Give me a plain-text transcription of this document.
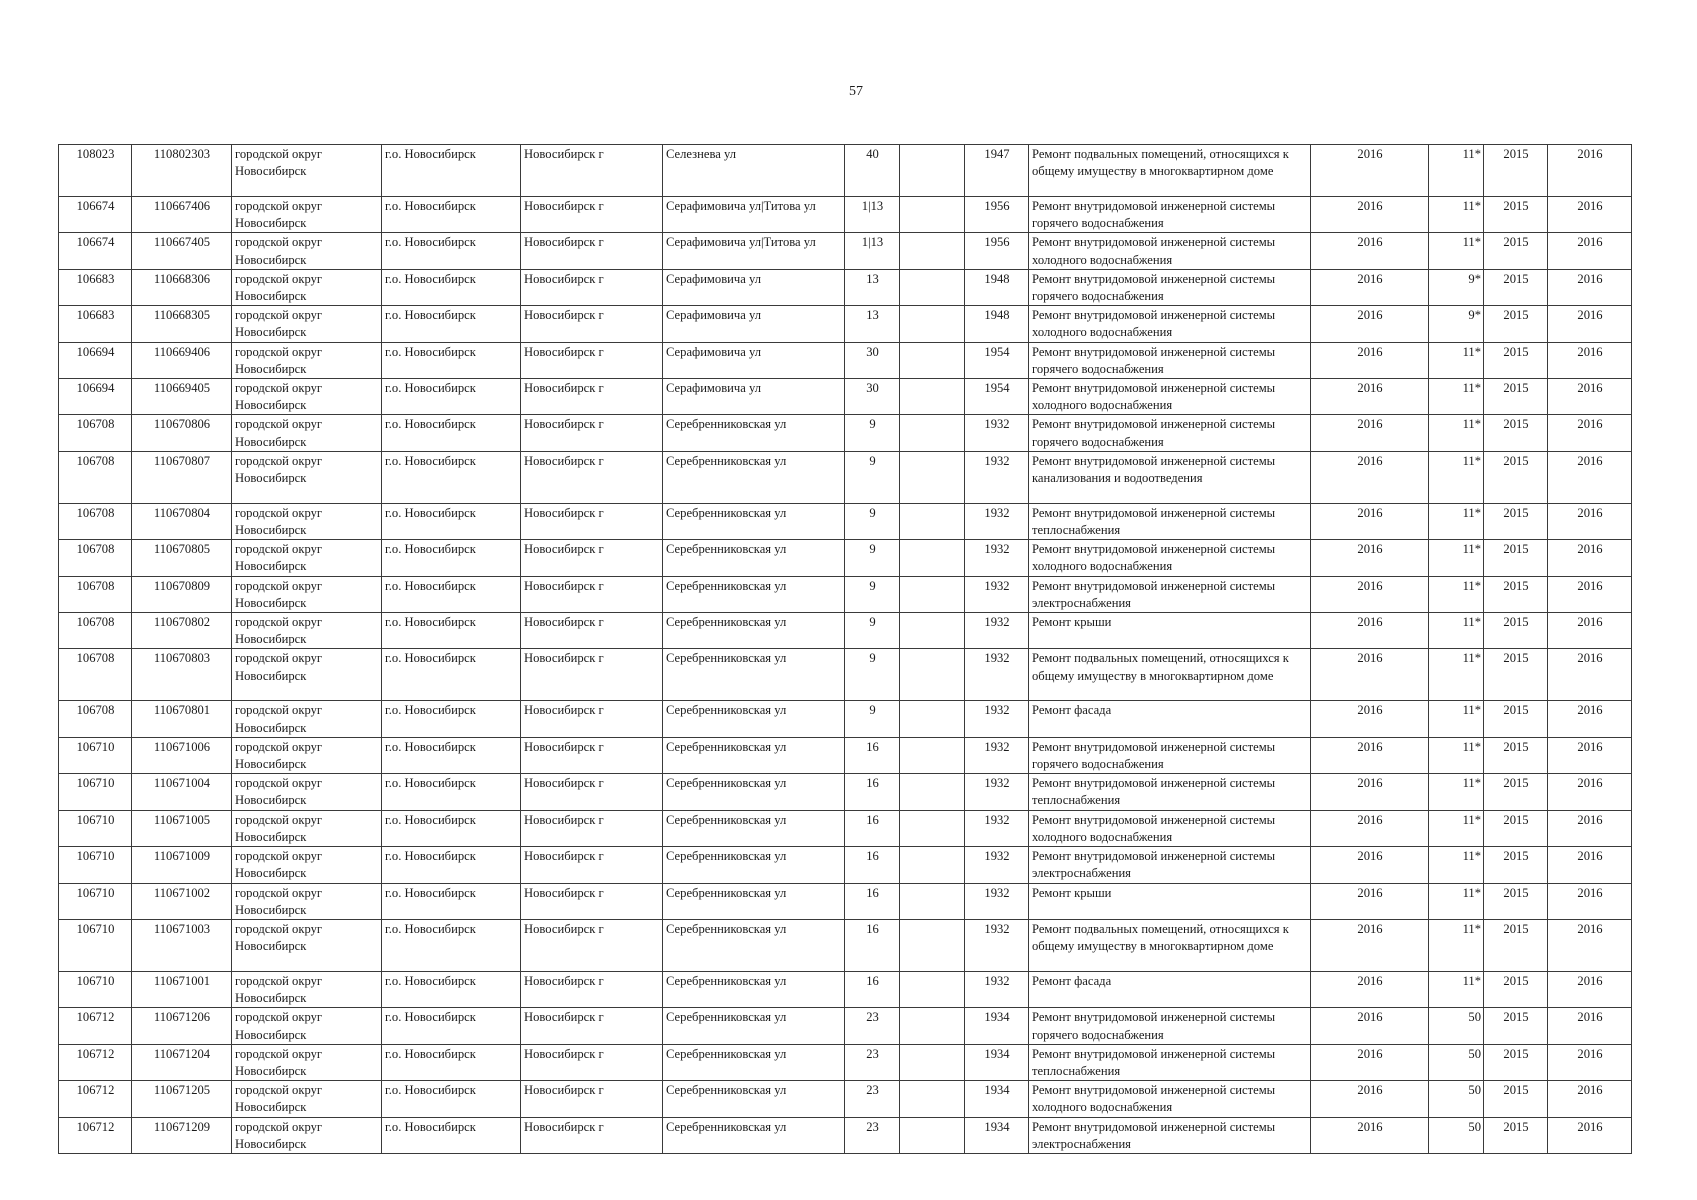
57
108023	110802303	городской округ Новосибирск	г.о. Новосибирск	Новосибирск г	Селезнева ул	40		1947	Ремонт подвальных помещений, относящихся к общему имуществу в многоквартирном доме	2016	11*	2015	2016
106674	110667406	городской округ Новосибирск	г.о. Новосибирск	Новосибирск г	Серафимовича ул|Титова ул	1|13		1956	Ремонт внутридомовой инженерной системы горячего водоснабжения	2016	11*	2015	2016
106674	110667405	городской округ Новосибирск	г.о. Новосибирск	Новосибирск г	Серафимовича ул|Титова ул	1|13		1956	Ремонт внутридомовой инженерной системы холодного водоснабжения	2016	11*	2015	2016
106683	110668306	городской округ Новосибирск	г.о. Новосибирск	Новосибирск г	Серафимовича ул	13		1948	Ремонт внутридомовой инженерной системы горячего водоснабжения	2016	9*	2015	2016
106683	110668305	городской округ Новосибирск	г.о. Новосибирск	Новосибирск г	Серафимовича ул	13		1948	Ремонт внутридомовой инженерной системы холодного водоснабжения	2016	9*	2015	2016
106694	110669406	городской округ Новосибирск	г.о. Новосибирск	Новосибирск г	Серафимовича ул	30		1954	Ремонт внутридомовой инженерной системы горячего водоснабжения	2016	11*	2015	2016
106694	110669405	городской округ Новосибирск	г.о. Новосибирск	Новосибирск г	Серафимовича ул	30		1954	Ремонт внутридомовой инженерной системы холодного водоснабжения	2016	11*	2015	2016
106708	110670806	городской округ Новосибирск	г.о. Новосибирск	Новосибирск г	Серебренниковская ул	9		1932	Ремонт внутридомовой инженерной системы горячего водоснабжения	2016	11*	2015	2016
106708	110670807	городской округ Новосибирск	г.о. Новосибирск	Новосибирск г	Серебренниковская ул	9		1932	Ремонт внутридомовой инженерной системы канализования и водоотведения	2016	11*	2015	2016
106708	110670804	городской округ Новосибирск	г.о. Новосибирск	Новосибирск г	Серебренниковская ул	9		1932	Ремонт внутридомовой инженерной системы теплоснабжения	2016	11*	2015	2016
106708	110670805	городской округ Новосибирск	г.о. Новосибирск	Новосибирск г	Серебренниковская ул	9		1932	Ремонт внутридомовой инженерной системы холодного водоснабжения	2016	11*	2015	2016
106708	110670809	городской округ Новосибирск	г.о. Новосибирск	Новосибирск г	Серебренниковская ул	9		1932	Ремонт внутридомовой инженерной системы электроснабжения	2016	11*	2015	2016
106708	110670802	городской округ Новосибирск	г.о. Новосибирск	Новосибирск г	Серебренниковская ул	9		1932	Ремонт крыши	2016	11*	2015	2016
106708	110670803	городской округ Новосибирск	г.о. Новосибирск	Новосибирск г	Серебренниковская ул	9		1932	Ремонт подвальных помещений, относящихся к общему имуществу в многоквартирном доме	2016	11*	2015	2016
106708	110670801	городской округ Новосибирск	г.о. Новосибирск	Новосибирск г	Серебренниковская ул	9		1932	Ремонт фасада	2016	11*	2015	2016
106710	110671006	городской округ Новосибирск	г.о. Новосибирск	Новосибирск г	Серебренниковская ул	16		1932	Ремонт внутридомовой инженерной системы горячего водоснабжения	2016	11*	2015	2016
106710	110671004	городской округ Новосибирск	г.о. Новосибирск	Новосибирск г	Серебренниковская ул	16		1932	Ремонт внутридомовой инженерной системы теплоснабжения	2016	11*	2015	2016
106710	110671005	городской округ Новосибирск	г.о. Новосибирск	Новосибирск г	Серебренниковская ул	16		1932	Ремонт внутридомовой инженерной системы холодного водоснабжения	2016	11*	2015	2016
106710	110671009	городской округ Новосибирск	г.о. Новосибирск	Новосибирск г	Серебренниковская ул	16		1932	Ремонт внутридомовой инженерной системы электроснабжения	2016	11*	2015	2016
106710	110671002	городской округ Новосибирск	г.о. Новосибирск	Новосибирск г	Серебренниковская ул	16		1932	Ремонт крыши	2016	11*	2015	2016
106710	110671003	городской округ Новосибирск	г.о. Новосибирск	Новосибирск г	Серебренниковская ул	16		1932	Ремонт подвальных помещений, относящихся к общему имуществу в многоквартирном доме	2016	11*	2015	2016
106710	110671001	городской округ Новосибирск	г.о. Новосибирск	Новосибирск г	Серебренниковская ул	16		1932	Ремонт фасада	2016	11*	2015	2016
106712	110671206	городской округ Новосибирск	г.о. Новосибирск	Новосибирск г	Серебренниковская ул	23		1934	Ремонт внутридомовой инженерной системы горячего водоснабжения	2016	50	2015	2016
106712	110671204	городской округ Новосибирск	г.о. Новосибирск	Новосибирск г	Серебренниковская ул	23		1934	Ремонт внутридомовой инженерной системы теплоснабжения	2016	50	2015	2016
106712	110671205	городской округ Новосибирск	г.о. Новосибирск	Новосибирск г	Серебренниковская ул	23		1934	Ремонт внутридомовой инженерной системы холодного водоснабжения	2016	50	2015	2016
106712	110671209	городской округ Новосибирск	г.о. Новосибирск	Новосибирск г	Серебренниковская ул	23		1934	Ремонт внутридомовой инженерной системы электроснабжения	2016	50	2015	2016
